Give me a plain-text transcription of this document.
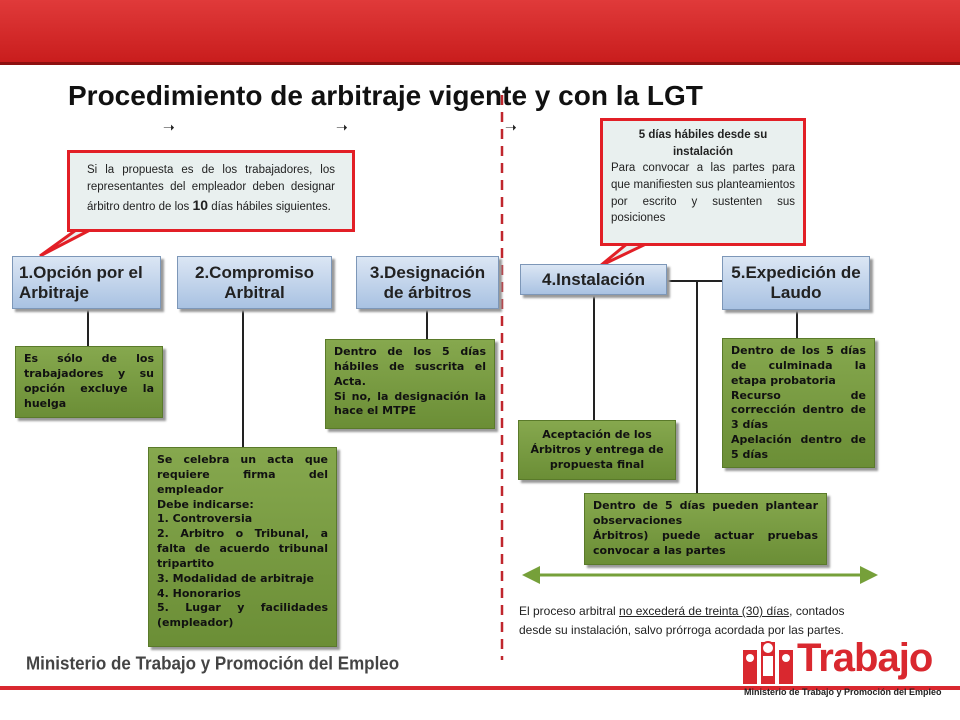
Procedimiento de arbitraje vigente y con la LGT
➝	➝	➝
Si la propuesta es de los trabajadores, los representantes del empleador deben designar árbitro dentro de los 10 días hábiles siguientes.
5 días hábiles desde su instalación
Para convocar a las partes para que manifiesten sus planteamientos por escrito y sustenten sus posiciones
1.Opción por el Arbitraje
2.Compromiso Arbitral
3.Designación de árbitros
4.Instalación	5.Expedición de Laudo
Es sólo de los trabajadores y su opción excluye la huelga
Se celebra un acta que requiere firma del empleador
Debe indicarse:
1. Controversia
2. Arbitro o Tribunal, a falta de acuerdo tribunal tripartito
3. Modalidad de arbitraje
4. Honorarios
5. Lugar y facilidades (empleador)
Dentro de los 5 días hábiles de suscrita el Acta.
Si no, la designación la hace el MTPE
Aceptación de los Árbitros y entrega de propuesta final
Dentro de 5 días pueden plantear observaciones
Árbitros) puede actuar pruebas convocar a las partes
Dentro de los 5 días de culminada la etapa probatoria
Recurso de corrección dentro de 3 días
Apelación dentro de 5 días
El proceso arbitral no excederá de treinta (30) días, contados desde su instalación, salvo prórroga acordada por las partes.
Ministerio de Trabajo y Promoción del Empleo	Trabajo
Ministerio de Trabajo y Promoción del Empleo
